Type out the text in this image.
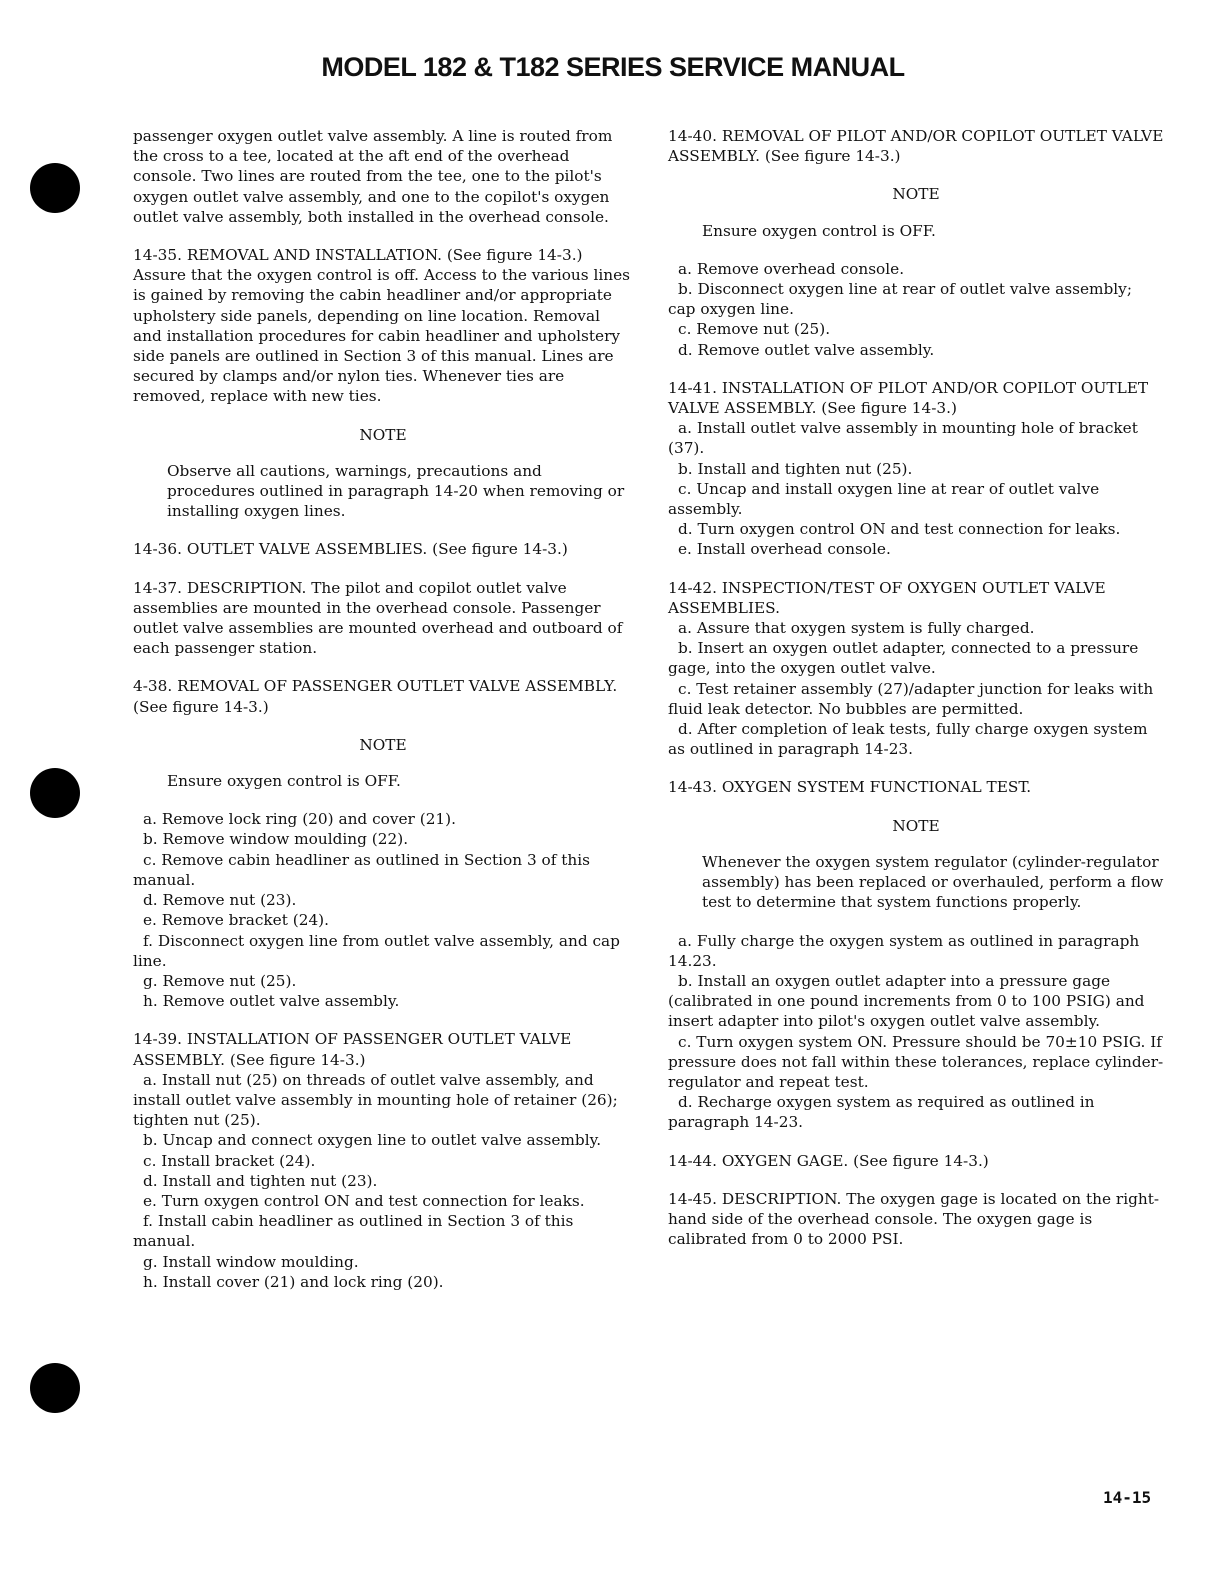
MODEL 182 & T182 SERIES SERVICE MANUAL

passenger oxygen outlet valve assembly. A line is routed from the cross to a tee, located at the aft end of the overhead console. Two lines are routed from the tee, one to the pilot's oxygen outlet valve assembly, and one to the copilot's oxygen outlet valve assembly, both installed in the overhead console.

14-35. REMOVAL AND INSTALLATION. (See figure 14-3.) Assure that the oxygen control is off. Access to the various lines is gained by removing the cabin headliner and/or appropriate upholstery side panels, depending on line location. Removal and installation procedures for cabin headliner and upholstery side panels are outlined in Section 3 of this manual. Lines are secured by clamps and/or nylon ties. Whenever ties are removed, replace with new ties.

NOTE

Observe all cautions, warnings, precautions and procedures outlined in paragraph 14-20 when removing or installing oxygen lines.

14-36. OUTLET VALVE ASSEMBLIES. (See figure 14-3.)

14-37. DESCRIPTION. The pilot and copilot outlet valve assemblies are mounted in the overhead console. Passenger outlet valve assemblies are mounted overhead and outboard of each passenger station.

4-38. REMOVAL OF PASSENGER OUTLET VALVE ASSEMBLY. (See figure 14-3.)

NOTE

Ensure oxygen control is OFF.

a. Remove lock ring (20) and cover (21).
b. Remove window moulding (22).
c. Remove cabin headliner as outlined in Section 3 of this manual.
d. Remove nut (23).
e. Remove bracket (24).
f. Disconnect oxygen line from outlet valve assembly, and cap line.
g. Remove nut (25).
h. Remove outlet valve assembly.

14-39. INSTALLATION OF PASSENGER OUTLET VALVE ASSEMBLY. (See figure 14-3.)

a. Install nut (25) on threads of outlet valve assembly, and install outlet valve assembly in mounting hole of retainer (26); tighten nut (25).
b. Uncap and connect oxygen line to outlet valve assembly.
c. Install bracket (24).
d. Install and tighten nut (23).
e. Turn oxygen control ON and test connection for leaks.
f. Install cabin headliner as outlined in Section 3 of this manual.
g. Install window moulding.
h. Install cover (21) and lock ring (20).

14-40. REMOVAL OF PILOT AND/OR COPILOT OUTLET VALVE ASSEMBLY. (See figure 14-3.)

NOTE

Ensure oxygen control is OFF.

a. Remove overhead console.
b. Disconnect oxygen line at rear of outlet valve assembly; cap oxygen line.
c. Remove nut (25).
d. Remove outlet valve assembly.

14-41. INSTALLATION OF PILOT AND/OR COPILOT OUTLET VALVE ASSEMBLY. (See figure 14-3.)

a. Install outlet valve assembly in mounting hole of bracket (37).
b. Install and tighten nut (25).
c. Uncap and install oxygen line at rear of outlet valve assembly.
d. Turn oxygen control ON and test connection for leaks.
e. Install overhead console.

14-42. INSPECTION/TEST OF OXYGEN OUTLET VALVE ASSEMBLIES.

a. Assure that oxygen system is fully charged.
b. Insert an oxygen outlet adapter, connected to a pressure gage, into the oxygen outlet valve.
c. Test retainer assembly (27)/adapter junction for leaks with fluid leak detector. No bubbles are permitted.
d. After completion of leak tests, fully charge oxygen system as outlined in paragraph 14-23.

14-43. OXYGEN SYSTEM FUNCTIONAL TEST.

NOTE

Whenever the oxygen system regulator (cylinder-regulator assembly) has been replaced or overhauled, perform a flow test to determine that system functions properly.

a. Fully charge the oxygen system as outlined in paragraph 14.23.
b. Install an oxygen outlet adapter into a pressure gage (calibrated in one pound increments from 0 to 100 PSIG) and insert adapter into pilot's oxygen outlet valve assembly.
c. Turn oxygen system ON. Pressure should be 70±10 PSIG. If pressure does not fall within these tolerances, replace cylinder-regulator and repeat test.
d. Recharge oxygen system as required as outlined in paragraph 14-23.

14-44. OXYGEN GAGE. (See figure 14-3.)

14-45. DESCRIPTION. The oxygen gage is located on the right-hand side of the overhead console. The oxygen gage is calibrated from 0 to 2000 PSI.

14-15
